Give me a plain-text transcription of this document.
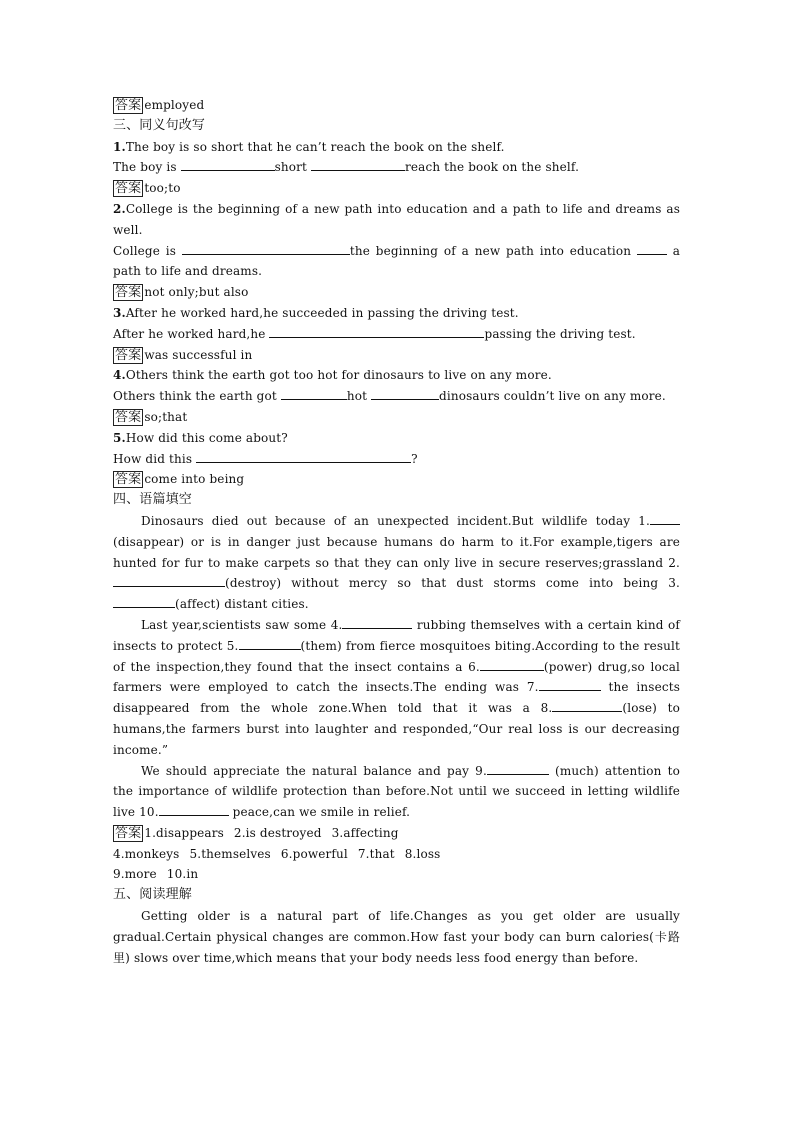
答案 employed
三、同义句改写
1.The boy is so short that he can’t reach the book on the shelf.
The boy is	short	reach the book on the shelf.
答案 too;to
2.College is the beginning of a new path into education and a path to life and dreams as well.
College is	the beginning of a new path into education	a path to life and dreams.
答案 not only;but also
3.After he worked hard,he succeeded in passing the driving test.
After he worked hard,he	passing the driving test.
答案 was successful in
4.Others think the earth got too hot for dinosaurs to live on any more.
Others think the earth got	hot	dinosaurs couldn’t live on any more.
答案 so;that
5.How did this come about?
How did this	?
答案 come into being
四、语篇填空
Dinosaurs died out because of an unexpected incident.But wildlife today 1.(disappear) or is in danger just because humans do harm to it.For example,tigers are hunted for fur to make carpets so that they can only live in secure reserves;grassland 2.(destroy) without mercy so that dust storms come into being 3. (affect) distant cities.
Last year,scientists saw some 4.	rubbing themselves with a certain kind of insects to protect 5.	(them) from fierce mosquitoes biting.According to the result of the inspection,they found that the insect contains a 6.	(power) drug,so local farmers were employed to catch the insects.The ending was 7.	the insects disappeared from the whole zone.When told that it was a 8.	(lose) to humans,the farmers burst into laughter and responded,“Our real loss is our decreasing income.”
We should appreciate the natural balance and pay 9.	(much) attention to the importance of wildlife protection than before.Not until we succeed in letting wildlife live 10.	peace,can we smile in relief.
答案 1.disappears 2.is destroyed 3.affecting
4.monkeys 5.themselves 6.powerful 7.that 8.loss
9.more 10.in
五、阅读理解
Getting older is a natural part of life.Changes as you get older are usually gradual.Certain physical changes are common.How fast your body can burn calories(卡路里) slows over time,which means that your body needs less food energy than before.
